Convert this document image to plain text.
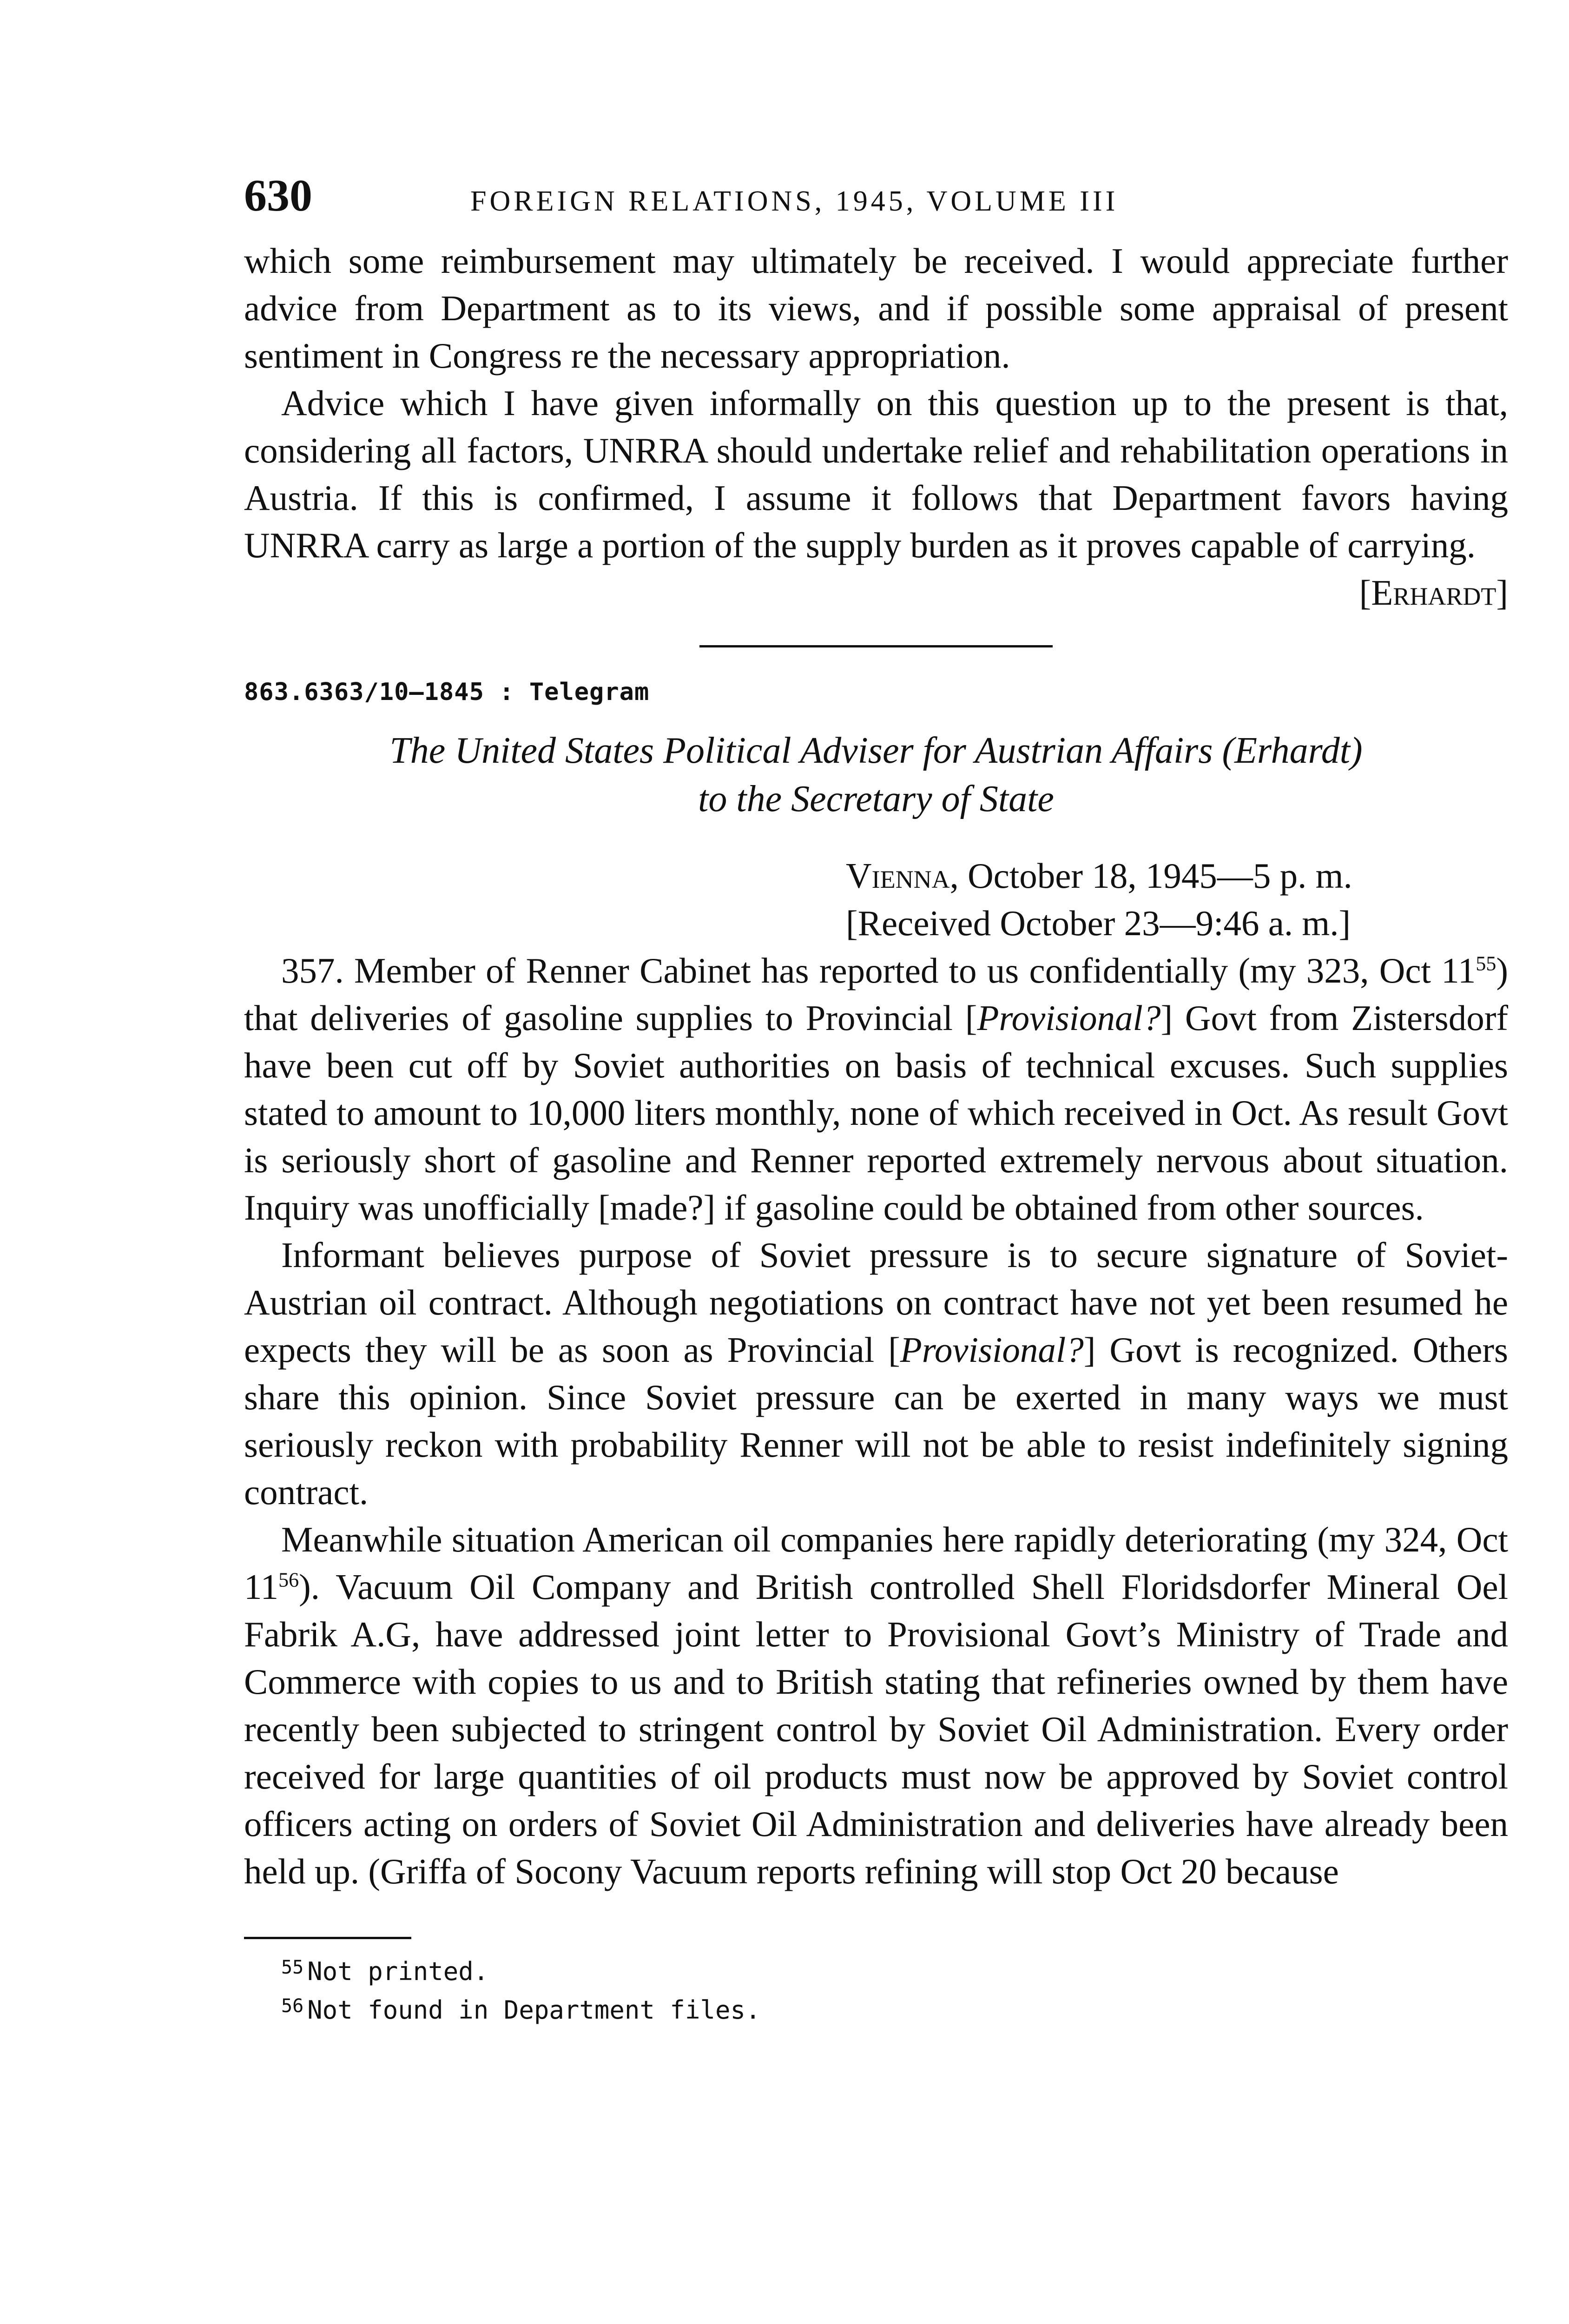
630	FOREIGN RELATIONS, 1945, VOLUME III

which some reimbursement may ultimately be received. I would appreciate further advice from Department as to its views, and if possible some appraisal of present sentiment in Congress re the necessary appropriation.

Advice which I have given informally on this question up to the present is that, considering all factors, UNRRA should undertake relief and rehabilitation operations in Austria. If this is confirmed, I assume it follows that Department favors having UNRRA carry as large a portion of the supply burden as it proves capable of carrying.

[Erhardt]

863.6363/10–1845 : Telegram
The United States Political Adviser for Austrian Affairs (Erhardt)
to the Secretary of State
Vienna, October 18, 1945—5 p. m.
[Received October 23—9:46 a. m.]

357. Member of Renner Cabinet has reported to us confidentially (my 323, Oct $11^{55}$) that deliveries of gasoline supplies to Provincial [Provisional?] Govt from Zistersdorf have been cut off by Soviet authorities on basis of technical excuses. Such supplies stated to amount to 10,000 liters monthly, none of which received in Oct. As result Govt is seriously short of gasoline and Renner reported extremely nervous about situation. Inquiry was unofficially [made?] if gasoline could be obtained from other sources.

Informant believes purpose of Soviet pressure is to secure signature of Soviet-Austrian oil contract. Although negotiations on contract have not yet been resumed he expects they will be as soon as Provincial [Provisional?] Govt is recognized. Others share this opinion. Since Soviet pressure can be exerted in many ways we must seriously reckon with probability Renner will not be able to resist indefinitely signing contract.

Meanwhile situation American oil companies here rapidly deteriorating (my 324, Oct $11^{56}$). Vacuum Oil Company and British controlled Shell Floridsdorfer Mineral Oel Fabrik A.G, have addressed joint letter to Provisional Govt’s Ministry of Trade and Commerce with copies to us and to British stating that refineries owned by them have recently been subjected to stringent control by Soviet Oil Administration. Every order received for large quantities of oil products must now be approved by Soviet control officers acting on orders of Soviet Oil Administration and deliveries have already been held up. (Griffa of Socony Vacuum reports refining will stop Oct 20 because

$^{55}$ Not printed.
$^{56}$ Not found in Department files.
